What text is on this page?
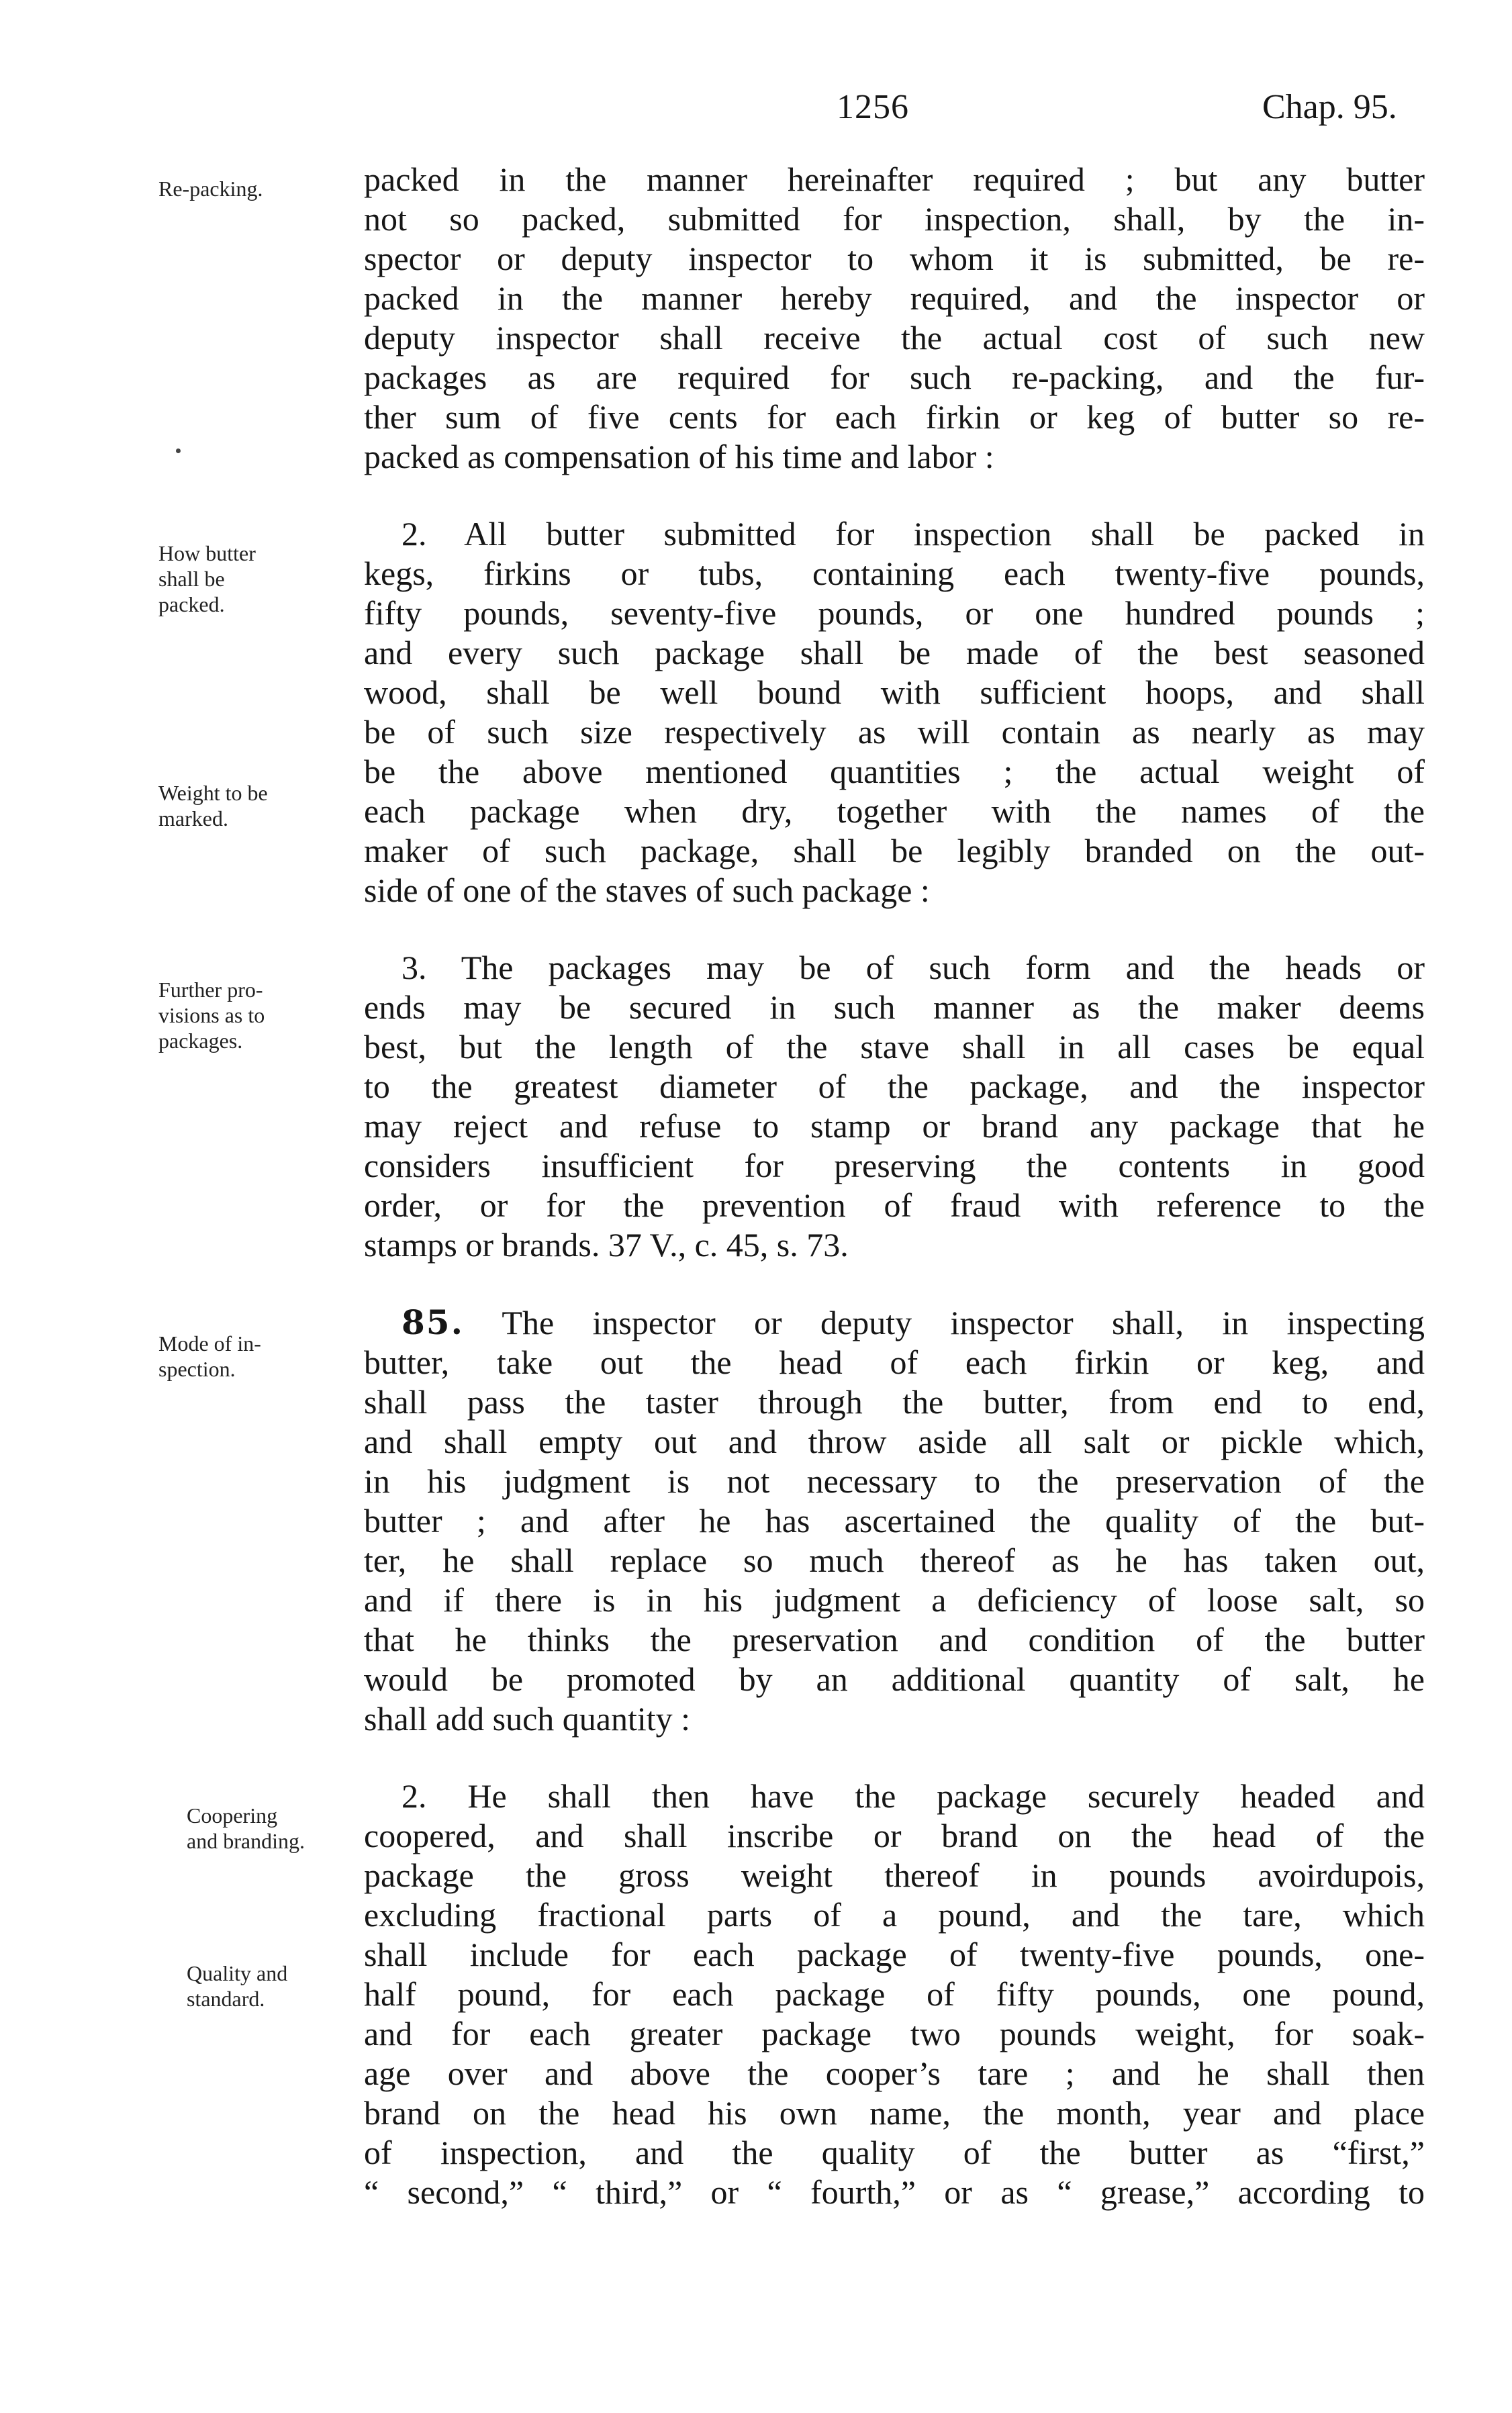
1256	Chap. 95.
Re-packing.
How butter
shall be
packed.
Weight to be
marked.
Further pro-
visions as to
packages.
Mode of in-
spection.
Coopering
and branding.
Quality and
standard.
packed in the manner hereinafter required ; but any butter
not so packed, submitted for inspection, shall, by the in-
spector or deputy inspector to whom it is submitted, be re-
packed in the manner hereby required, and the inspector or
deputy inspector shall receive the actual cost of such new
packages as are required for such re-packing, and the fur-
ther sum of five cents for each firkin or keg of butter so re-
packed as compensation of his time and labor :
2. All butter submitted for inspection shall be packed in
kegs, firkins or tubs, containing each twenty-five pounds,
fifty pounds, seventy-five pounds, or one hundred pounds ;
and every such package shall be made of the best seasoned
wood, shall be well bound with sufficient hoops, and shall
be of such size respectively as will contain as nearly as may
be the above mentioned quantities ; the actual weight of
each package when dry, together with the names of the
maker of such package, shall be legibly branded on the out-
side of one of the staves of such package :
3. The packages may be of such form and the heads or
ends may be secured in such manner as the maker deems
best, but the length of the stave shall in all cases be equal
to the greatest diameter of the package, and the inspector
may reject and refuse to stamp or brand any package that he
considers insufficient for preserving the contents in good
order, or for the prevention of fraud with reference to the
stamps or brands. 37 V., c. 45, s. 73.
85. The inspector or deputy inspector shall, in inspecting
butter, take out the head of each firkin or keg, and
shall pass the taster through the butter, from end to end,
and shall empty out and throw aside all salt or pickle which,
in his judgment is not necessary to the preservation of the
butter ; and after he has ascertained the quality of the but-
ter, he shall replace so much thereof as he has taken out,
and if there is in his judgment a deficiency of loose salt, so
that he thinks the preservation and condition of the butter
would be promoted by an additional quantity of salt, he
shall add such quantity :
2. He shall then have the package securely headed and
coopered, and shall inscribe or brand on the head of the
package the gross weight thereof in pounds avoirdupois,
excluding fractional parts of a pound, and the tare, which
shall include for each package of twenty-five pounds, one-
half pound, for each package of fifty pounds, one pound,
and for each greater package two pounds weight, for soak-
age over and above the cooper’s tare ; and he shall then
brand on the head his own name, the month, year and place
of inspection, and the quality of the butter as “first,”
“ second,” “ third,” or “ fourth,” or as “ grease,” according to
